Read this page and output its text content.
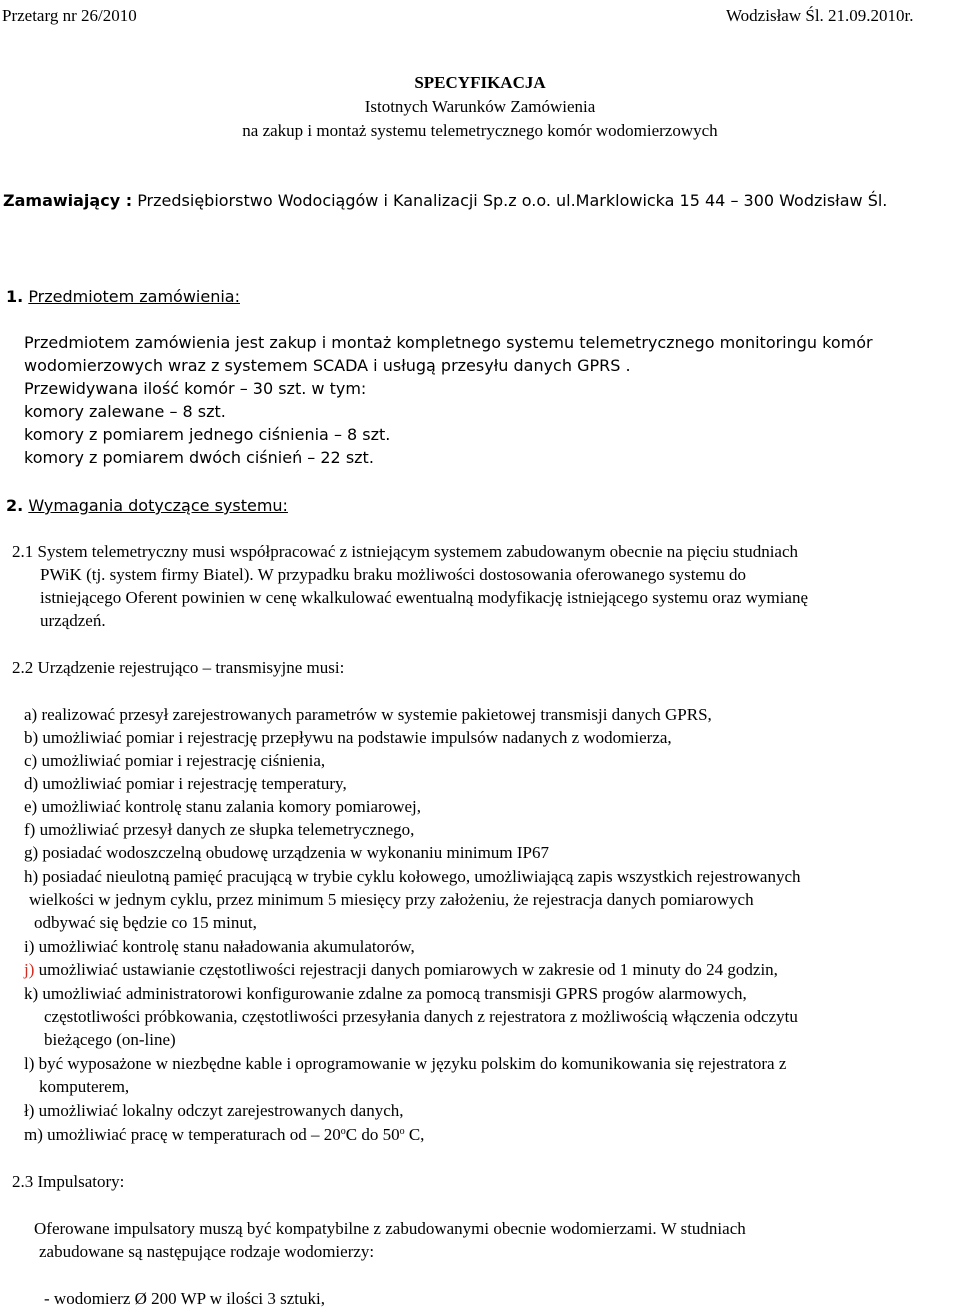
Przetarg nr 26/2010	Wodzisław Śl. 21.09.2010r.
SPECYFIKACJA
Istotnych Warunków Zamówienia
na zakup i montaż systemu telemetrycznego komór wodomierzowych
Zamawiający : Przedsiębiorstwo Wodociągów i Kanalizacji Sp.z o.o. ul.Marklowicka 15 44 – 300 Wodzisław Śl.
1. Przedmiotem zamówienia:
Przedmiotem zamówienia jest zakup i montaż kompletnego systemu telemetrycznego monitoringu komór
wodomierzowych wraz z systemem SCADA i usługą przesyłu danych GPRS .
Przewidywana ilość komór – 30 szt. w tym:
komory zalewane – 8 szt.
komory z pomiarem jednego ciśnienia – 8 szt.
komory z pomiarem dwóch ciśnień – 22 szt.
2. Wymagania dotyczące systemu:
2.1 System telemetryczny musi współpracować z istniejącym systemem zabudowanym obecnie na pięciu studniach
PWiK (tj. system firmy Biatel). W przypadku braku możliwości dostosowania oferowanego systemu do
istniejącego Oferent powinien w cenę wkalkulować ewentualną modyfikację istniejącego systemu oraz wymianę
urządzeń.
2.2 Urządzenie rejestrująco – transmisyjne musi:
a) realizować przesył zarejestrowanych parametrów w systemie pakietowej transmisji danych GPRS,
b) umożliwiać pomiar i rejestrację przepływu na podstawie impulsów nadanych z wodomierza,
c) umożliwiać pomiar i rejestrację ciśnienia,
d) umożliwiać pomiar i rejestrację temperatury,
e) umożliwiać kontrolę stanu zalania komory pomiarowej,
f) umożliwiać przesył danych ze słupka telemetrycznego,
g) posiadać wodoszczelną obudowę urządzenia w wykonaniu minimum IP67
h) posiadać nieulotną pamięć pracującą w trybie cyklu kołowego, umożliwiającą zapis wszystkich rejestrowanych
wielkości w jednym cyklu, przez minimum 5 miesięcy przy założeniu, że rejestracja danych pomiarowych
odbywać się będzie co 15 minut,
i) umożliwiać kontrolę stanu naładowania akumulatorów,
j) umożliwiać ustawianie częstotliwości rejestracji danych pomiarowych w zakresie od 1 minuty do 24 godzin,
k) umożliwiać administratorowi konfigurowanie zdalne za pomocą transmisji GPRS progów alarmowych,
częstotliwości próbkowania, częstotliwości przesyłania danych z rejestratora z możliwością włączenia odczytu
bieżącego (on-line)
l) być wyposażone w niezbędne kable i oprogramowanie w języku polskim do komunikowania się rejestratora z
komputerem,
ł) umożliwiać lokalny odczyt zarejestrowanych danych,
m) umożliwiać pracę w temperaturach od – 20$^o$C do 50$^o$ C,
2.3 Impulsatory:
Oferowane impulsatory muszą być kompatybilne z zabudowanymi obecnie wodomierzami. W studniach
zabudowane są następujące rodzaje wodomierzy:
- wodomierz Ø 200 WP w ilości 3 sztuki,
